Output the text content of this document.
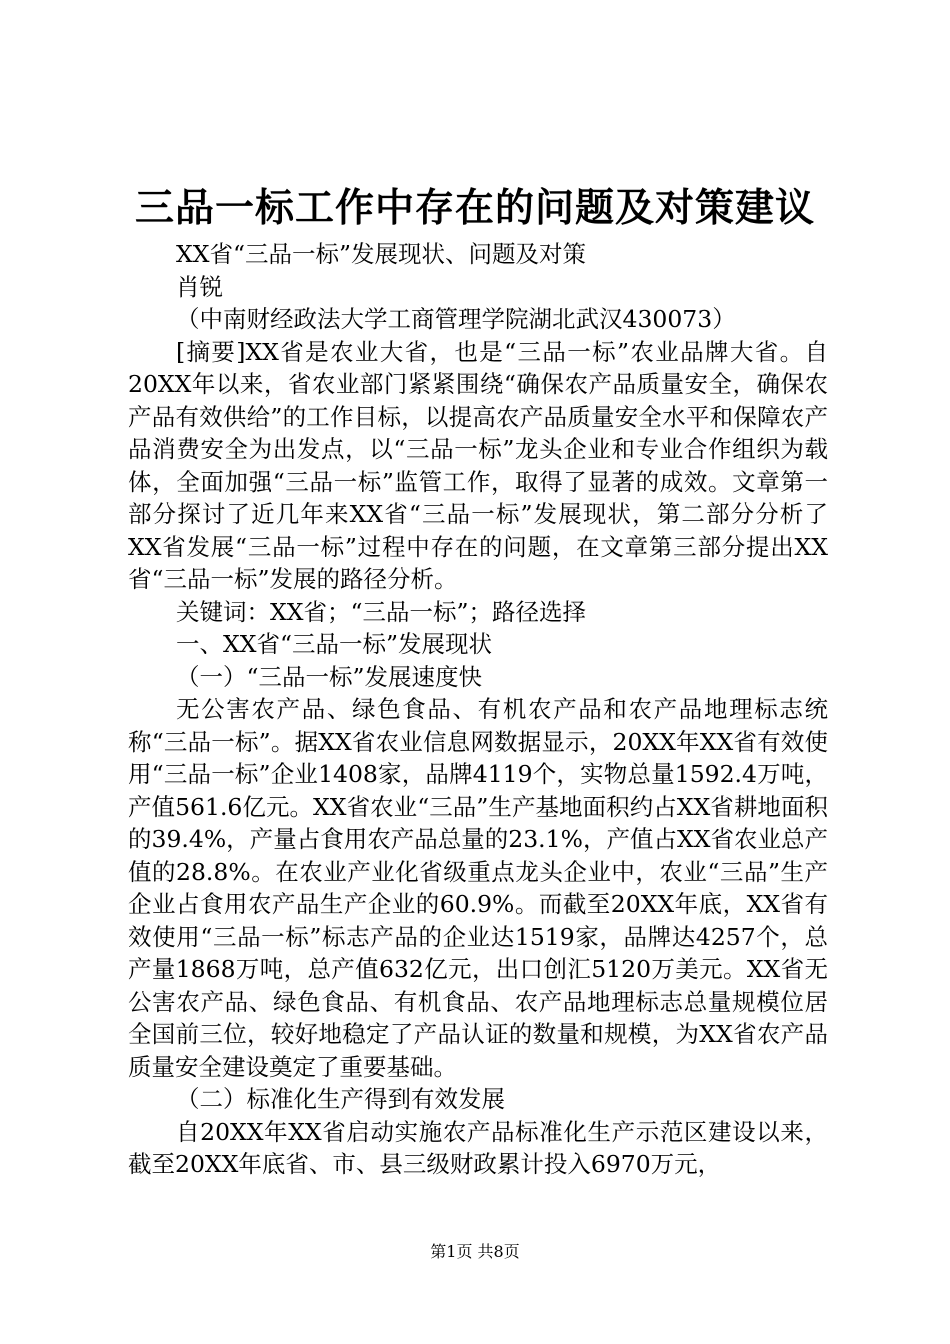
三品一标工作中存在的问题及对策建议

XX省“三品一标”发展现状、问题及对策

肖锐

（中南财经政法大学工商管理学院湖北武汉430073）

[摘要]XX省是农业大省，也是“三品一标”农业品牌大省。自20XX年以来，省农业部门紧紧围绕“确保农产品质量安全，确保农产品有效供给”的工作目标，以提高农产品质量安全水平和保障农产品消费安全为出发点，以“三品一标”龙头企业和专业合作组织为载体，全面加强“三品一标”监管工作，取得了显著的成效。文章第一部分探讨了近几年来XX省“三品一标”发展现状，第二部分分析了XX省发展“三品一标”过程中存在的问题，在文章第三部分提出XX省“三品一标”发展的路径分析。

关键词：XX省；“三品一标”；路径选择

一、XX省“三品一标”发展现状

（一）“三品一标”发展速度快

无公害农产品、绿色食品、有机农产品和农产品地理标志统称“三品一标”。据XX省农业信息网数据显示，20XX年XX省有效使用“三品一标”企业1408家，品牌4119个，实物总量1592.4万吨，产值561.6亿元。XX省农业“三品”生产基地面积约占XX省耕地面积的39.4%，产量占食用农产品总量的23.1%，产值占XX省农业总产值的28.8%。在农业产业化省级重点龙头企业中，农业“三品”生产企业占食用农产品生产企业的60.9%。而截至20XX年底，XX省有效使用“三品一标”标志产品的企业达1519家，品牌达4257个，总产量1868万吨，总产值632亿元，出口创汇5120万美元。XX省无公害农产品、绿色食品、有机食品、农产品地理标志总量规模位居全国前三位，较好地稳定了产品认证的数量和规模，为XX省农产品质量安全建设奠定了重要基础。

（二）标准化生产得到有效发展

自20XX年XX省启动实施农产品标准化生产示范区建设以来，截至20XX年底省、市、县三级财政累计投入6970万元，

第1页 共8页
